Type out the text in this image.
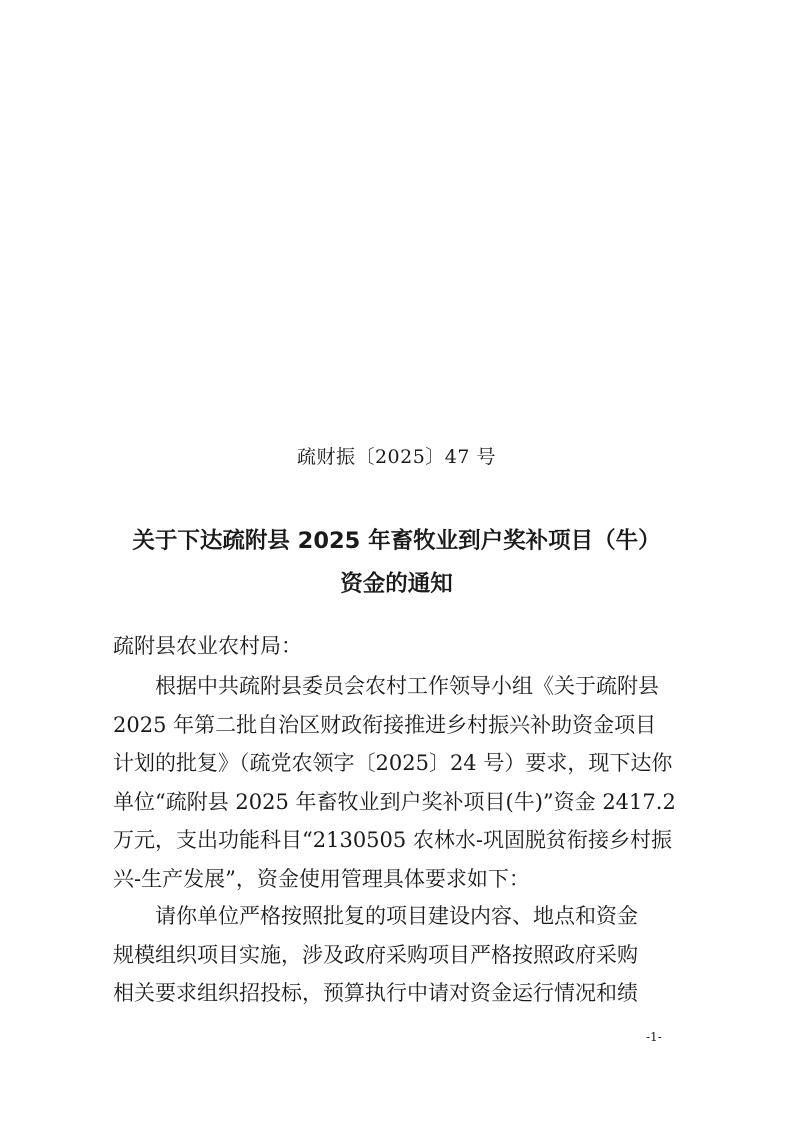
疏财振〔2025〕47 号
关于下达疏附县 2025 年畜牧业到户奖补项目（牛）
资金的通知
疏附县农业农村局：
　　根据中共疏附县委员会农村工作领导小组《关于疏附县
2025 年第二批自治区财政衔接推进乡村振兴补助资金项目
计划的批复》（疏党农领字〔2025〕24 号）要求，现下达你
单位“疏附县 2025 年畜牧业到户奖补项目(牛)”资金 2417.2
万元，支出功能科目“2130505 农林水-巩固脱贫衔接乡村振
兴-生产发展”，资金使用管理具体要求如下：
　　请你单位严格按照批复的项目建设内容、地点和资金
规模组织项目实施，涉及政府采购项目严格按照政府采购
相关要求组织招投标，预算执行中请对资金运行情况和绩
-1-
